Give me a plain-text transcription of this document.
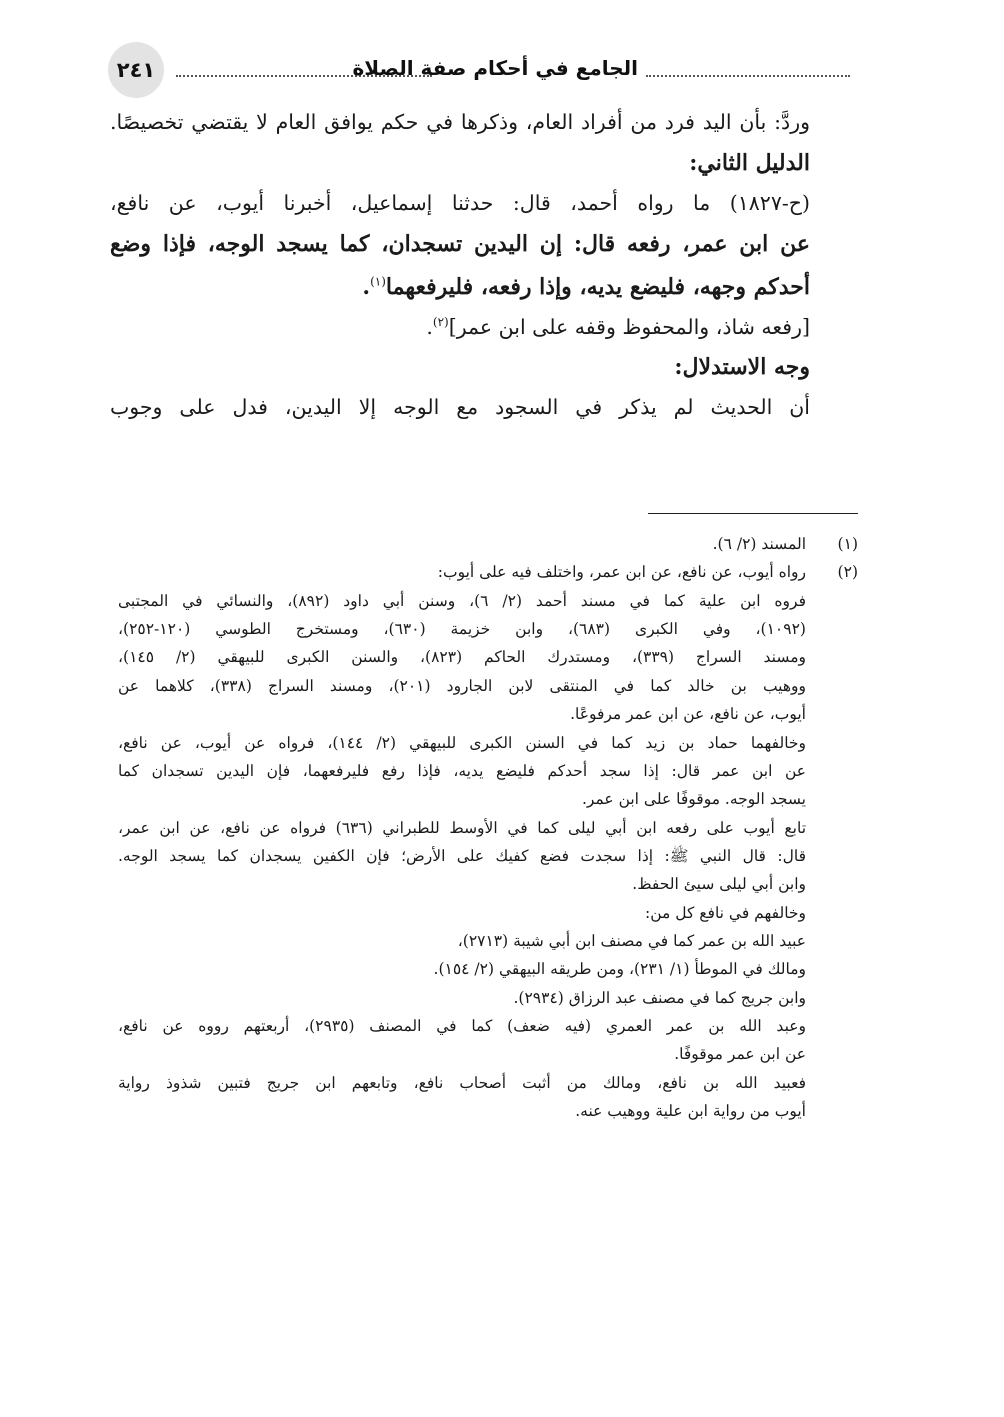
٢٤١	الجامع في أحكام صفة الصلاة

وردَّ: بأن اليد فرد من أفراد العام، وذكرها في حكم يوافق العام لا يقتضي تخصيصًا.

الدليل الثاني:

(ح-١٨٢٧) ما رواه أحمد، قال: حدثنا إسماعيل، أخبرنا أيوب، عن نافع،

عن ابن عمر، رفعه قال: إن اليدين تسجدان، كما يسجد الوجه، فإذا وضع

أحدكم وجهه، فليضع يديه، وإذا رفعه، فليرفعهما$^{(١)}$.

[رفعه شاذ، والمحفوظ وقفه على ابن عمر]$^{(٢)}$.

وجه الاستدلال:

أن الحديث لم يذكر في السجود مع الوجه إلا اليدين، فدل على وجوب

(١)

المسند (٢/ ٦).

(٢)

رواه أيوب، عن نافع، عن ابن عمر، واختلف فيه على أيوب:

فروه ابن علية كما في مسند أحمد (٢/ ٦)، وسنن أبي داود (٨٩٢)، والنسائي في المجتبى

(١٠٩٢)، وفي الكبرى (٦٨٣)، وابن خزيمة (٦٣٠)، ومستخرج الطوسي (١٢٠-٢٥٢)،

ومسند السراج (٣٣٩)، ومستدرك الحاكم (٨٢٣)، والسنن الكبرى للبيهقي (٢/ ١٤٥)،

ووهيب بن خالد كما في المنتقى لابن الجارود (٢٠١)، ومسند السراج (٣٣٨)، كلاهما عن

أيوب، عن نافع، عن ابن عمر مرفوعًا.

وخالفهما حماد بن زيد كما في السنن الكبرى للبيهقي (٢/ ١٤٤)، فرواه عن أيوب، عن نافع،

عن ابن عمر قال: إذا سجد أحدكم فليضع يديه، فإذا رفع فليرفعهما، فإن اليدين تسجدان كما

يسجد الوجه. موقوفًا على ابن عمر.

تابع أيوب على رفعه ابن أبي ليلى كما في الأوسط للطبراني (٦٣٦) فرواه عن نافع، عن ابن عمر،

قال: قال النبي ﷺ: إذا سجدت فضع كفيك على الأرض؛ فإن الكفين يسجدان كما يسجد الوجه.

وابن أبي ليلى سيئ الحفظ.

وخالفهم في نافع كل من:

عبيد الله بن عمر كما في مصنف ابن أبي شيبة (٢٧١٣)،

ومالك في الموطأ (١/ ٢٣١)، ومن طريقه البيهقي (٢/ ١٥٤).

وابن جريج كما في مصنف عبد الرزاق (٢٩٣٤).

وعبد الله بن عمر العمري (فيه ضعف) كما في المصنف (٢٩٣٥)، أربعتهم رووه عن نافع،

عن ابن عمر موقوفًا.

فعبيد الله بن نافع، ومالك من أثبت أصحاب نافع، وتابعهم ابن جريج فتبين شذوذ رواية

أيوب من رواية ابن علية ووهيب عنه.
